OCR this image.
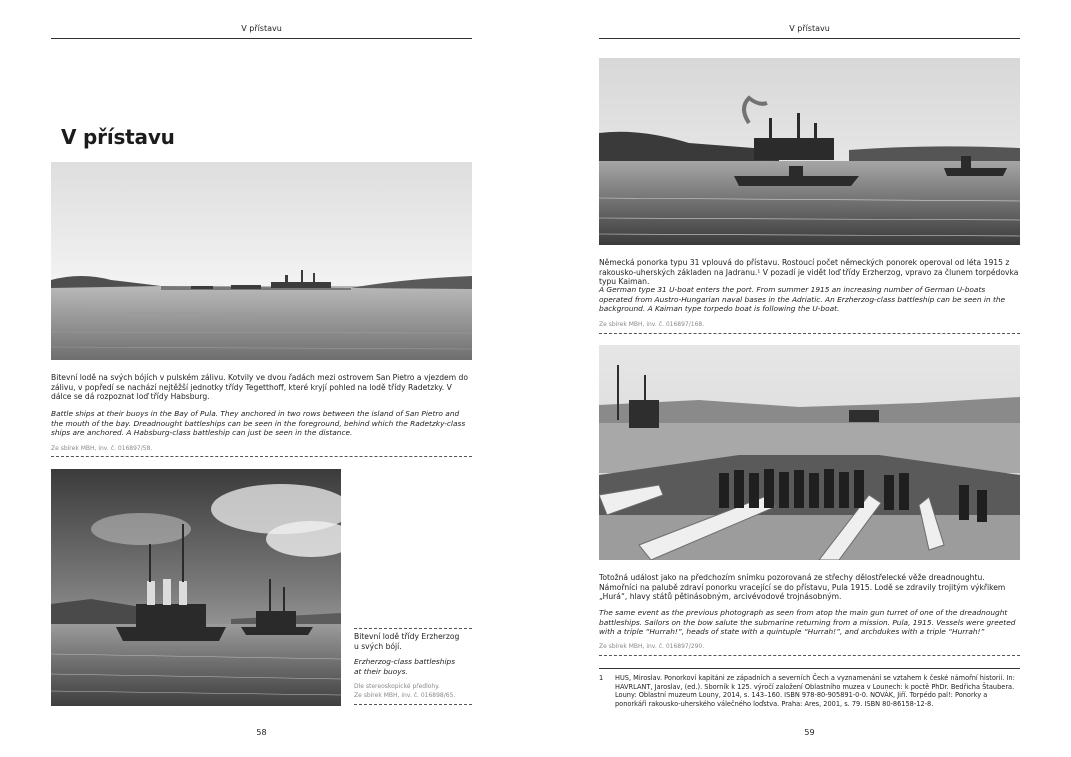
V přístavu
V přístavu
Bitevní lodě na svých bójích v pulském zálivu. Kotvily ve dvou řadách mezi ostrovem San Pietro a vjezdem do zálivu, v popředí se nachází nejtěžší jednotky třídy Tegetthoff, které kryjí pohled na lodě třídy Radetzky. V dálce se dá rozpoznat loď třídy Habsburg.
Battle ships at their buoys in the Bay of Pula. They anchored in two rows between the island of San Pietro and the mouth of the bay. Dreadnought battleships can be seen in the foreground, behind which the Radetzky-class ships are anchored. A Habsburg-class battleship can just be seen in the distance.
Ze sbírek MBH, inv. č. 016897/58.
Bitevní lodě třídy Erzherzog u svých bójí.
Erzherzog-class battleships at their buoys.
Dle stereoskopické předlohy.
Ze sbírek MBH, inv. č. 016898/65.
58
V přístavu
Německá ponorka typu 31 vplouvá do přístavu. Rostoucí počet německých ponorek operoval od léta 1915 z rakousko-uherských základen na Jadranu.¹ V pozadí je vidět loď třídy Erzherzog, vpravo za člunem torpédovka typu Kaiman.
A German type 31 U-boat enters the port. From summer 1915 an increasing number of German U-boats operated from Austro-Hungarian naval bases in the Adriatic. An Erzherzog-class battleship can be seen in the background. A Kaiman type torpedo boat is following the U-boat.
Ze sbírek MBH, inv. č. 016897/168.
Totožná událost jako na předchozím snímku pozorovaná ze střechy dělostřelecké věže dreadnoughtu. Námořníci na palubě zdraví ponorku vracející se do přístavu, Pula 1915. Lodě se zdravily trojitým výkřikem „Hurá“, hlavy států pětinásobným, arcivévodové trojnásobným.
The same event as the previous photograph as seen from atop the main gun turret of one of the dreadnought battleships. Sailors on the bow salute the submarine returning from a mission. Pula, 1915. Vessels were greeted with a triple “Hurrah!”, heads of state with a quintuple “Hurrah!”, and archdukes with a triple “Hurrah!”
Ze sbírek MBH, inv. č. 016897/290.
1	HUS, Miroslav. Ponorkoví kapitáni ze západních a severních Čech a vyznamenání se vztahem k české námořní historii. In: HAVRLANT, Jaroslav, (ed.). Sborník k 125. výročí založení Oblastního muzea v Lounech: k poctě PhDr. Bedřicha Štaubera. Louny: Oblastní muzeum Louny, 2014, s. 143–160. ISBN 978-80-905891-0-0. NOVÁK, Jiří. Torpédo pal!: Ponorky a ponorkáři rakousko-uherského válečného loďstva. Praha: Ares, 2001, s. 79. ISBN 80-86158-12-8.
59
